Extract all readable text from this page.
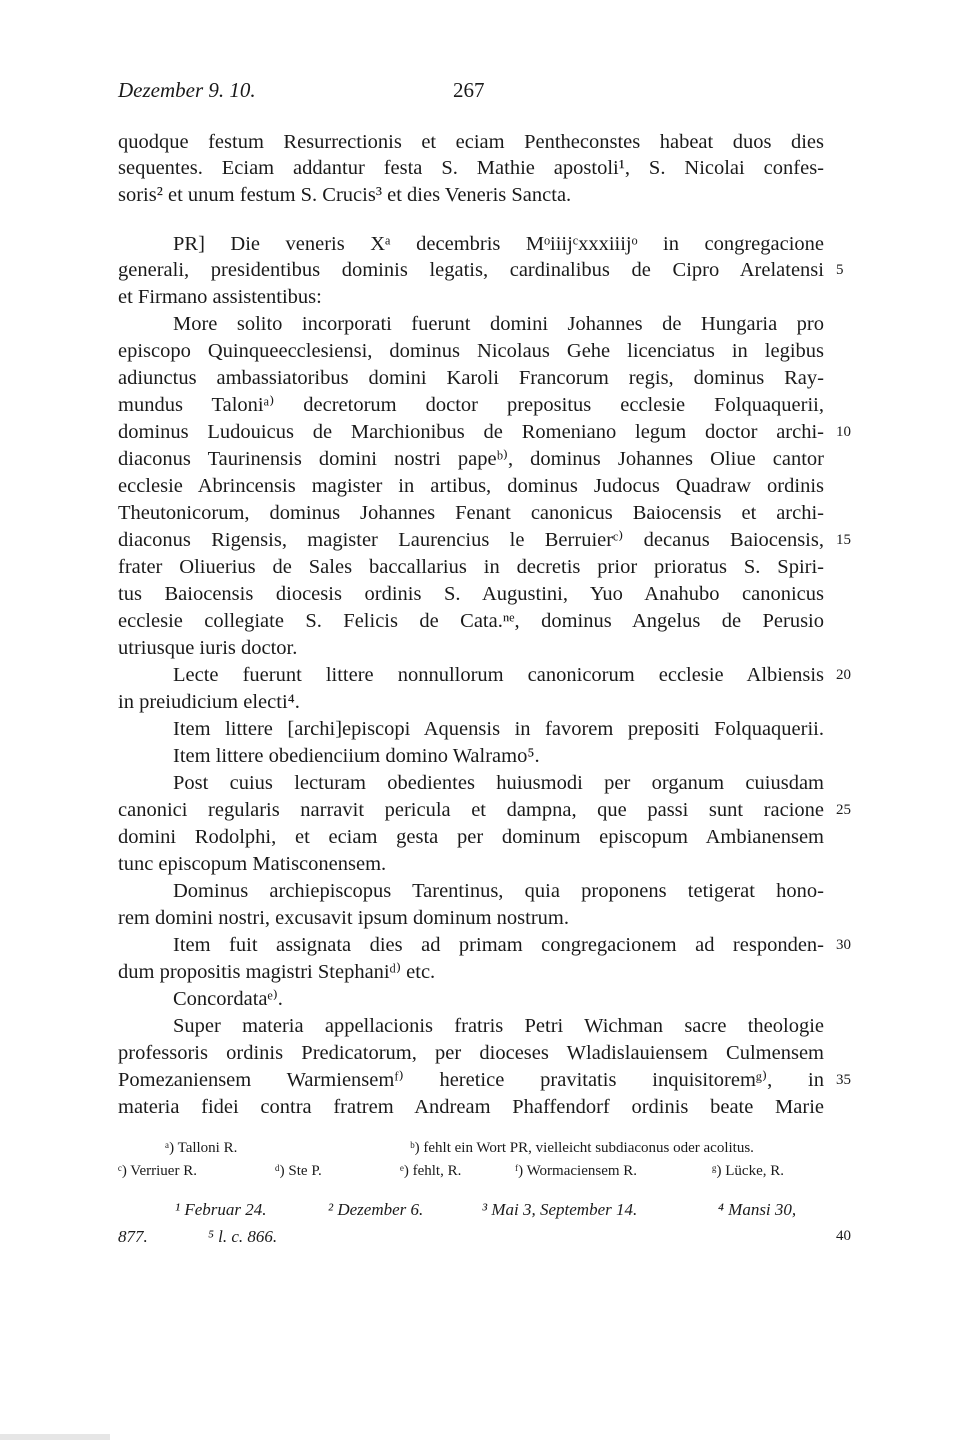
Dezember 9. 10.	267
quodque festum Resurrectionis et eciam Pentheconstes habeat duos dies
sequentes. Eciam addantur festa S. Mathie apostoli¹, S. Nicolai confes-
soris² et unum festum S. Crucis³ et dies Veneris Sancta.
PR] Die veneris Xᵃ decembris Mᵒiiijᶜxxxiiijᵒ in congregacione
generali, presidentibus dominis legatis, cardinalibus de Cipro Arelatensi
et Firmano assistentibus:
More solito incorporati fuerunt domini Johannes de Hungaria pro
episcopo Quinqueecclesiensi, dominus Nicolaus Gehe licenciatus in legibus
adiunctus ambassiatoribus domini Karoli Francorum regis, dominus Ray-
mundus Taloniᵃ⁾ decretorum doctor prepositus ecclesie Folquaquerii,
dominus Ludouicus de Marchionibus de Romeniano legum doctor archi-
diaconus Taurinensis domini nostri papeᵇ⁾, dominus Johannes Oliue cantor
ecclesie Abrincensis magister in artibus, dominus Judocus Quadraw ordinis
Theutonicorum, dominus Johannes Fenant canonicus Baiocensis et archi-
diaconus Rigensis, magister Laurencius le Berruierᶜ⁾ decanus Baiocensis,
frater Oliuerius de Sales baccallarius in decretis prior prioratus S. Spiri-
tus Baiocensis diocesis ordinis S. Augustini, Yuo Anahubo canonicus
ecclesie collegiate S. Felicis de Cata.ⁿᵉ, dominus Angelus de Perusio
utriusque iuris doctor.
Lecte fuerunt littere nonnullorum canonicorum ecclesie Albiensis
in preiudicium electi⁴.
Item littere [archi]episcopi Aquensis in favorem prepositi Folquaquerii.
Item littere obedienciium domino Walramo⁵.
Post cuius lecturam obedientes huiusmodi per organum cuiusdam
canonici regularis narravit pericula et dampna, que passi sunt racione
domini Rodolphi, et eciam gesta per dominum episcopum Ambianensem
tunc episcopum Matisconensem.
Dominus archiepiscopus Tarentinus, quia proponens tetigerat hono-
rem domini nostri, excusavit ipsum dominum nostrum.
Item fuit assignata dies ad primam congregacionem ad responden-
dum propositis magistri Stephaniᵈ⁾ etc.
Concordataᵉ⁾.
Super materia appellacionis fratris Petri Wichman sacre theologie
professoris ordinis Predicatorum, per dioceses Wladislauiensem Culmensem
Pomezaniensem Warmiensemᶠ⁾ heretice pravitatis inquisitoremᵍ⁾, in
materia fidei contra fratrem Andream Phaffendorf ordinis beate Marie
5
10
15
20
25
30
35
ᵃ) Talloni R.	ᵇ) fehlt ein Wort PR, vielleicht subdiaconus oder acolitus.
ᶜ) Verriuer R.	ᵈ) Ste P.	ᵉ) fehlt, R.	ᶠ) Wormaciensem R.	ᵍ) Lücke, R.
¹ Februar 24.	² Dezember 6.	³ Mai 3, September 14.	⁴ Mansi 30,
877.	⁵ l. c. 866.	40
